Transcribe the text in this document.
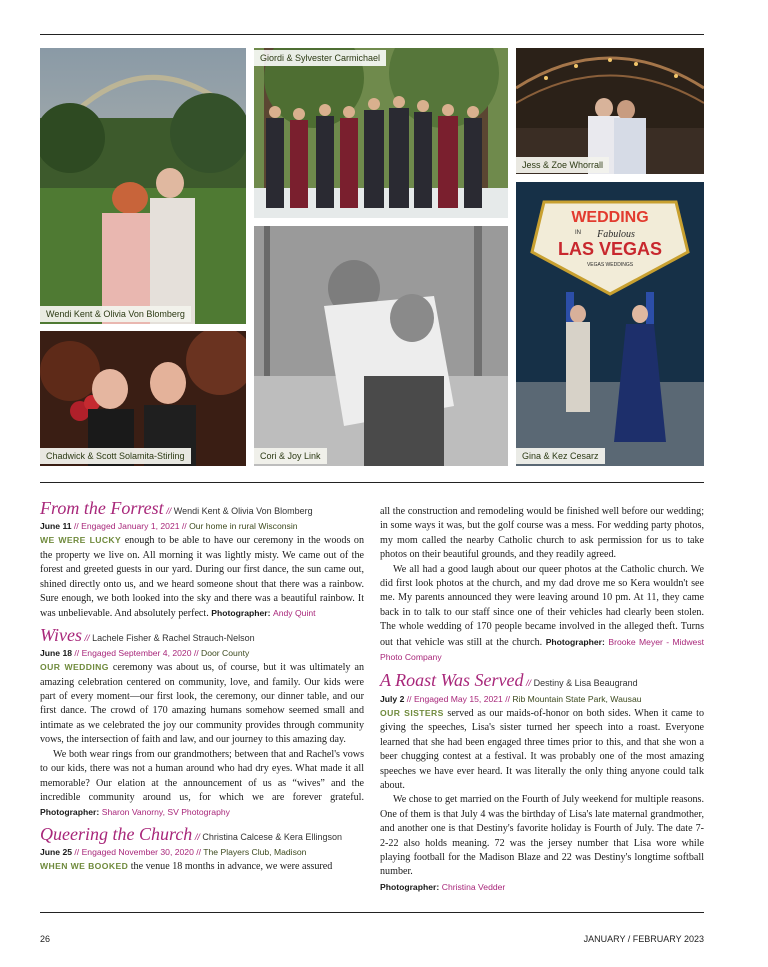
Wendi Kent & Olivia Von Blomberg
Giordi & Sylvester Carmichael
Jess & Zoe Whorrall
WEDDING
IN Fabulous
LAS VEGAS
VEGAS WEDDINGS
Gina & Kez Cesarz
Chadwick & Scott Solamita-Stirling	Cori & Joy Link
From the Forrest // Wendi Kent & Olivia Von Blomberg
June 11 // Engaged January 1, 2021 // Our home in rural Wisconsin

WE WERE LUCKY enough to be able to have our ceremony in the woods on the property we live on. All morning it was lightly misty. We came out of the forest and greeted guests in our yard. During our first dance, the sun came out, shined directly onto us, and we heard someone shout that there was a rainbow. Sure enough, we both looked into the sky and there was a beautiful rainbow. It was unbelievable. And absolutely perfect. Photographer: Andy Quint

Wives // Lachele Fisher & Rachel Strauch-Nelson
June 18 // Engaged September 4, 2020 // Door County

OUR WEDDING ceremony was about us, of course, but it was ultimately an amazing celebration centered on community, love, and family. Our kids were part of every moment—our first look, the ceremony, our dinner table, and our first dance. The crowd of 170 amazing humans somehow seemed small and intimate as we celebrated the joy our community provides through community vows, the intersection of faith and law, and our journey to this amazing day.

We both wear rings from our grandmothers; between that and Rachel's vows to our kids, there was not a human around who had dry eyes. What made it all memorable? Our elation at the announcement of us as “wives” and the incredible community around us, for which we are forever grateful. Photographer: Sharon Vanorny, SV Photography

Queering the Church // Christina Calcese & Kera Ellingson
June 25 // Engaged November 30, 2020 // The Players Club, Madison

WHEN WE BOOKED the venue 18 months in advance, we were assured

all the construction and remodeling would be finished well before our wedding; in some ways it was, but the golf course was a mess. For wedding party photos, my mom called the nearby Catholic church to ask permission for us to take photos on their beautiful grounds, and they readily agreed.

We all had a good laugh about our queer photos at the Catholic church. We did first look photos at the church, and my dad drove me so Kera wouldn't see me. My parents announced they were leaving around 10 pm. At 11, they came back in to talk to our staff since one of their vehicles had clearly been stolen. The whole wedding of 170 people became involved in the alleged theft. Turns out that vehicle was still at the church. Photographer: Brooke Meyer - Midwest Photo Company

A Roast Was Served // Destiny & Lisa Beaugrand
July 2 // Engaged May 15, 2021 // Rib Mountain State Park, Wausau

OUR SISTERS served as our maids-of-honor on both sides. When it came to giving the speeches, Lisa's sister turned her speech into a roast. Everyone learned that she had been engaged three times prior to this, and that she won a beer chugging contest at a festival. It was probably one of the most amazing speeches we have ever heard. It was literally the only thing anyone could talk about.

We chose to get married on the Fourth of July weekend for multiple reasons. One of them is that July 4 was the birthday of Lisa's late maternal grandmother, and another one is that Destiny's favorite holiday is Fourth of July. The date 7-2-22 also holds meaning. 72 was the jersey number that Lisa wore while playing football for the Madison Blaze and 22 was Destiny's longtime softball number.

Photographer: Christina Vedder

26	JANUARY / FEBRUARY 2023
